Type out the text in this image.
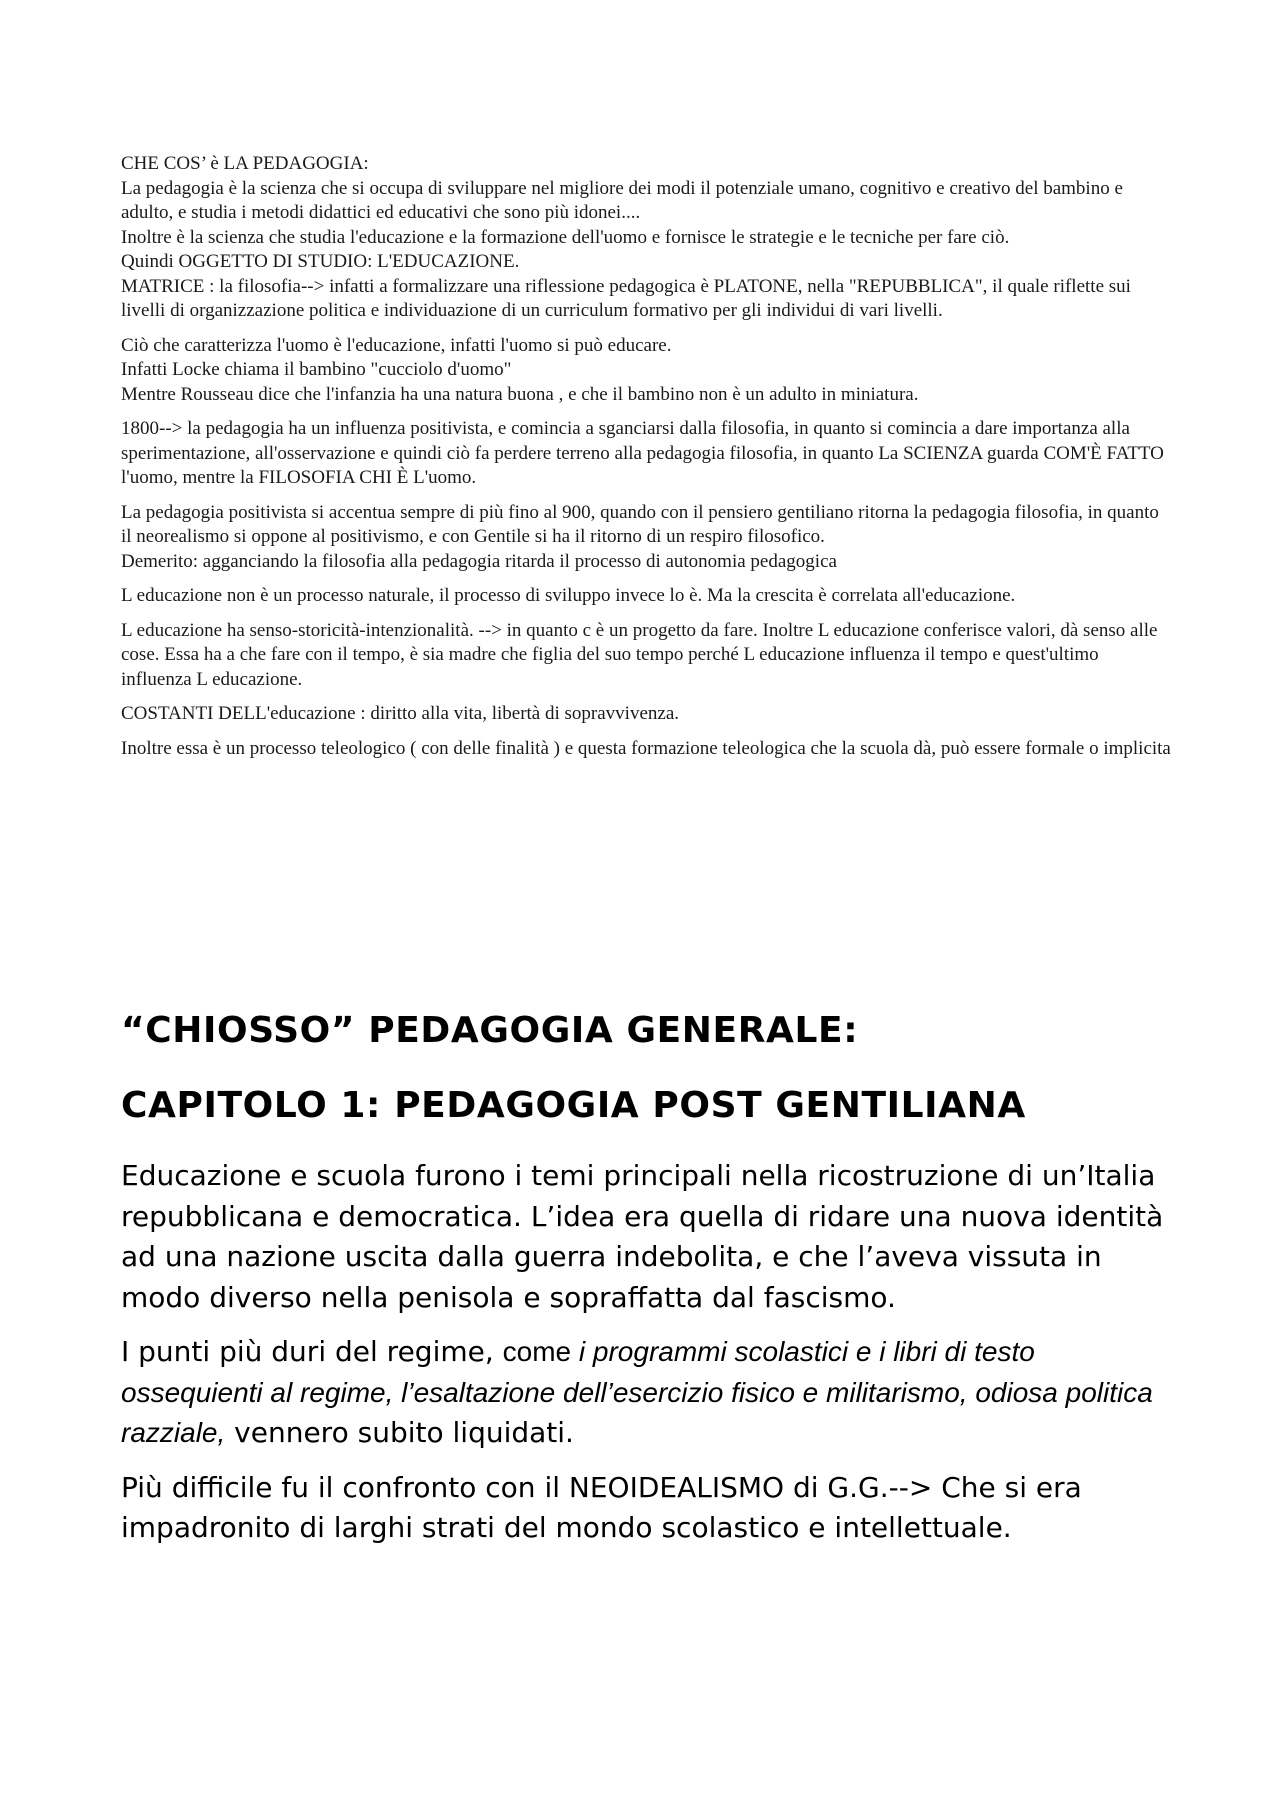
CHE COS’ è LA PEDAGOGIA:

La pedagogia è la scienza che si occupa di sviluppare nel migliore dei modi il potenziale umano, cognitivo e creativo del bambino e adulto, e studia i metodi didattici ed educativi che sono più idonei....

Inoltre è la scienza che studia l'educazione e la formazione dell'uomo e fornisce le strategie e le tecniche per fare ciò.

Quindi OGGETTO DI STUDIO: L'EDUCAZIONE.

MATRICE : la filosofia--> infatti a formalizzare una riflessione pedagogica è PLATONE, nella "REPUBBLICA", il quale riflette sui livelli di organizzazione politica e individuazione di un curriculum formativo per gli individui di vari livelli.

Ciò che caratterizza l'uomo è l'educazione, infatti l'uomo si può educare.

Infatti Locke chiama il bambino "cucciolo d'uomo"

Mentre Rousseau dice che l'infanzia ha una natura buona , e che il bambino non è un adulto in miniatura.

1800--> la pedagogia ha un influenza positivista, e comincia a sganciarsi dalla filosofia, in quanto si comincia a dare importanza alla sperimentazione, all'osservazione e quindi ciò fa perdere terreno alla pedagogia filosofia, in quanto La SCIENZA guarda COM'È FATTO l'uomo, mentre la FILOSOFIA CHI È L'uomo.

La pedagogia positivista si accentua sempre di più fino al 900, quando con il pensiero gentiliano ritorna la pedagogia filosofia, in quanto il neorealismo si oppone al positivismo, e con Gentile si ha il ritorno di un respiro filosofico.

Demerito: agganciando la filosofia alla pedagogia ritarda il processo di autonomia pedagogica

L educazione non è un processo naturale, il processo di sviluppo invece lo è. Ma la crescita è correlata all'educazione.

L educazione ha senso-storicità-intenzionalità. --> in quanto c è un progetto da fare. Inoltre L educazione conferisce valori, dà senso alle cose. Essa ha a che fare con il tempo, è sia madre che figlia del suo tempo perché L educazione influenza il tempo e quest'ultimo influenza L educazione.

COSTANTI DELL'educazione : diritto alla vita, libertà di sopravvivenza.

Inoltre essa è un processo teleologico ( con delle finalità ) e questa formazione teleologica che la scuola dà, può essere formale o implicita

“CHIOSSO” PEDAGOGIA GENERALE:
CAPITOLO 1: PEDAGOGIA POST GENTILIANA

Educazione e scuola furono i temi principali nella ricostruzione di un’Italia repubblicana e democratica. L’idea era quella di ridare una nuova identità ad una nazione uscita dalla guerra indebolita, e che l’aveva vissuta in modo diverso nella penisola e sopraffatta dal fascismo.

I punti più duri del regime, come i programmi scolastici e i libri di testo ossequienti al regime, l’esaltazione dell’esercizio fisico e militarismo, odiosa politica razziale, vennero subito liquidati.

Più difficile fu il confronto con il NEOIDEALISMO di G.G.--> Che si era impadronito di larghi strati del mondo scolastico e intellettuale.
